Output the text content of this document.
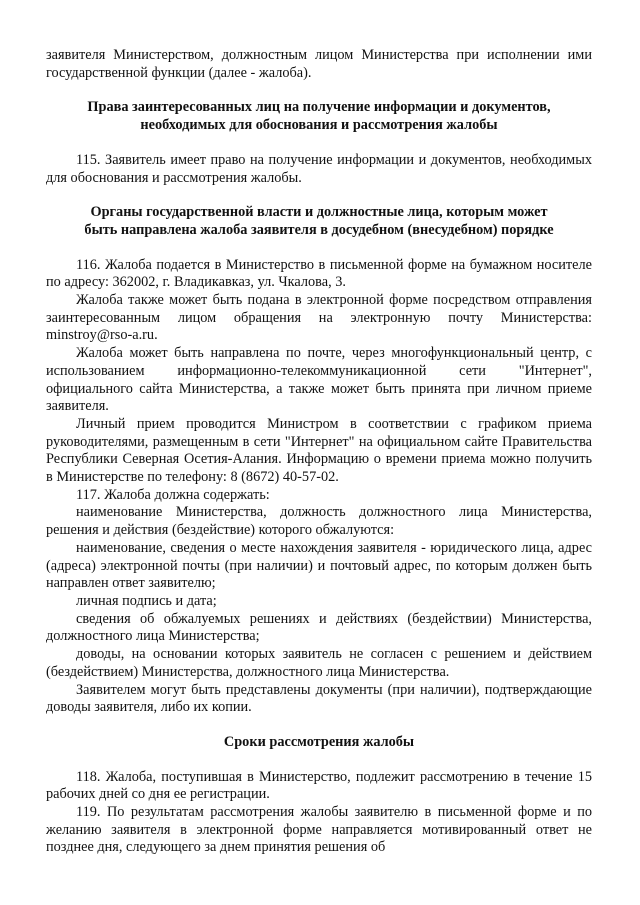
заявителя Министерством, должностным лицом Министерства при исполнении ими государственной функции (далее - жалоба).

Права заинтересованных лиц на получение информации и документов,
необходимых для обоснования и рассмотрения жалобы

115. Заявитель имеет право на получение информации и документов, необходимых для обоснования и рассмотрения жалобы.

Органы государственной власти и должностные лица, которым может
быть направлена жалоба заявителя в досудебном (внесудебном) порядке

116. Жалоба подается в Министерство в письменной форме на бумажном носителе по адресу: 362002, г. Владикавказ, ул. Чкалова, 3.

Жалоба также может быть подана в электронной форме посредством отправления заинтересованным лицом обращения на электронную почту Министерства: minstroy@rso-a.ru.

Жалоба может быть направлена по почте, через многофункциональный центр, с использованием информационно-телекоммуникационной сети "Интернет", официального сайта Министерства, а также может быть принята при личном приеме заявителя.

Личный прием проводится Министром в соответствии с графиком приема руководителями, размещенным в сети "Интернет" на официальном сайте Правительства Республики Северная Осетия-Алания. Информацию о времени приема можно получить в Министерстве по телефону: 8 (8672) 40-57-02.

117. Жалоба должна содержать:

наименование Министерства, должность должностного лица Министерства, решения и действия (бездействие) которого обжалуются:

наименование, сведения о месте нахождения заявителя - юридического лица, адрес (адреса) электронной почты (при наличии) и почтовый адрес, по которым должен быть направлен ответ заявителю;

личная подпись и дата;

сведения об обжалуемых решениях и действиях (бездействии) Министерства, должностного лица Министерства;

доводы, на основании которых заявитель не согласен с решением и действием (бездействием) Министерства, должностного лица Министерства.

Заявителем могут быть представлены документы (при наличии), подтверждающие доводы заявителя, либо их копии.

Сроки рассмотрения жалобы

118. Жалоба, поступившая в Министерство, подлежит рассмотрению в течение 15 рабочих дней со дня ее регистрации.

119. По результатам рассмотрения жалобы заявителю в письменной форме и по желанию заявителя в электронной форме направляется мотивированный ответ не позднее дня, следующего за днем принятия решения об
